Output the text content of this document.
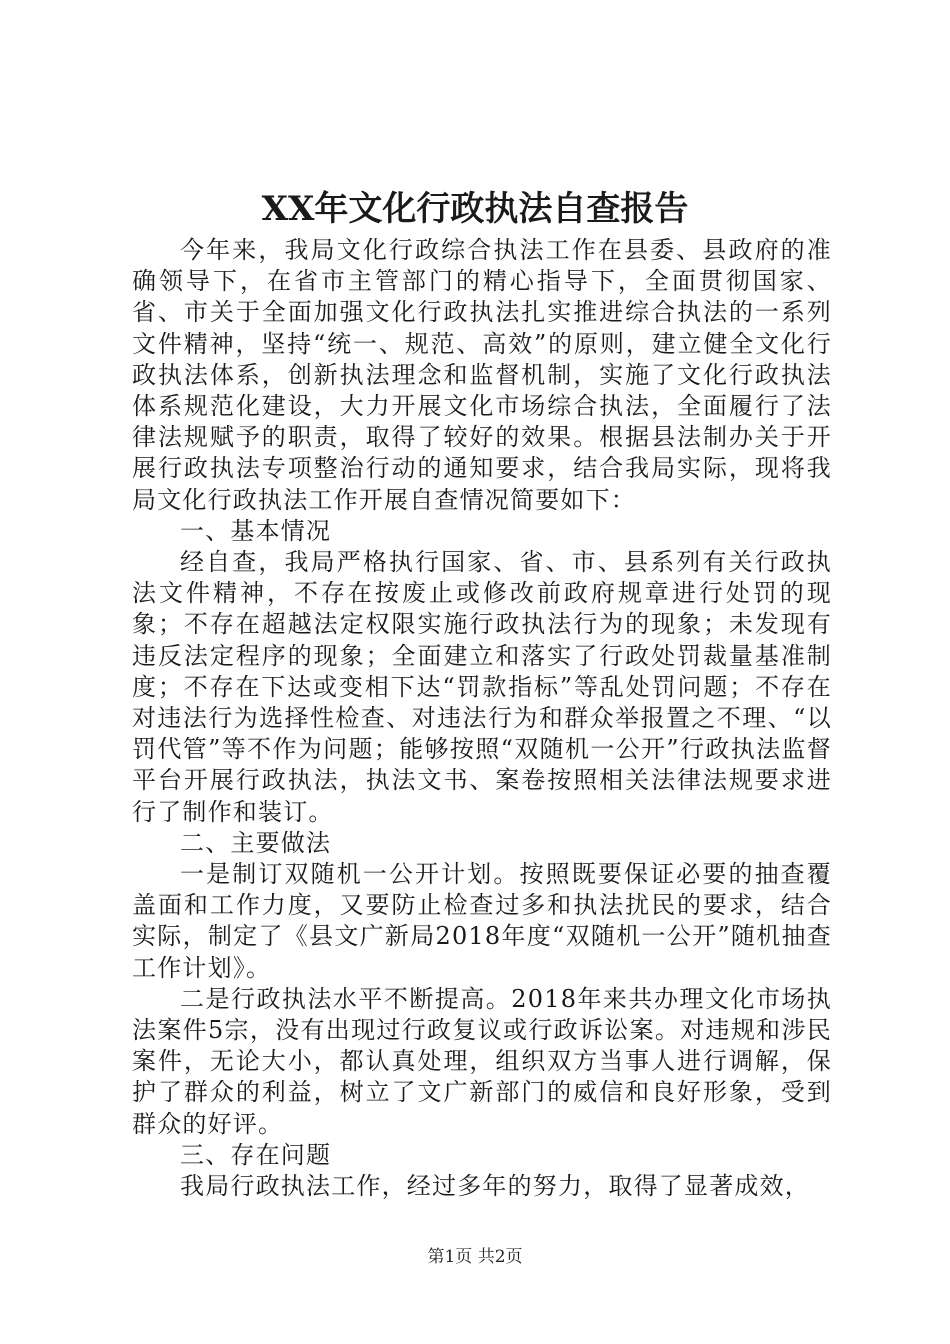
XX年文化行政执法自查报告

今年来，我局文化行政综合执法工作在县委、县政府的准确领导下，在省市主管部门的精心指导下，全面贯彻国家、省、市关于全面加强文化行政执法扎实推进综合执法的一系列文件精神，坚持“统一、规范、高效”的原则，建立健全文化行政执法体系，创新执法理念和监督机制，实施了文化行政执法体系规范化建设，大力开展文化市场综合执法，全面履行了法律法规赋予的职责，取得了较好的效果。根据县法制办关于开展行政执法专项整治行动的通知要求，结合我局实际，现将我局文化行政执法工作开展自查情况简要如下：

一、基本情况

经自查，我局严格执行国家、省、市、县系列有关行政执法文件精神，不存在按废止或修改前政府规章进行处罚的现象；不存在超越法定权限实施行政执法行为的现象；未发现有违反法定程序的现象；全面建立和落实了行政处罚裁量基准制度；不存在下达或变相下达“罚款指标”等乱处罚问题；不存在对违法行为选择性检查、对违法行为和群众举报置之不理、“以罚代管”等不作为问题；能够按照“双随机一公开”行政执法监督平台开展行政执法，执法文书、案卷按照相关法律法规要求进行了制作和装订。

二、主要做法

一是制订双随机一公开计划。按照既要保证必要的抽查覆盖面和工作力度，又要防止检查过多和执法扰民的要求，结合实际，制定了《县文广新局2018年度“双随机一公开”随机抽查工作计划》。

二是行政执法水平不断提高。2018年来共办理文化市场执法案件5宗，没有出现过行政复议或行政诉讼案。对违规和涉民案件，无论大小，都认真处理，组织双方当事人进行调解，保护了群众的利益，树立了文广新部门的威信和良好形象，受到群众的好评。

三、存在问题

我局行政执法工作，经过多年的努力，取得了显著成效，

第1页 共2页
